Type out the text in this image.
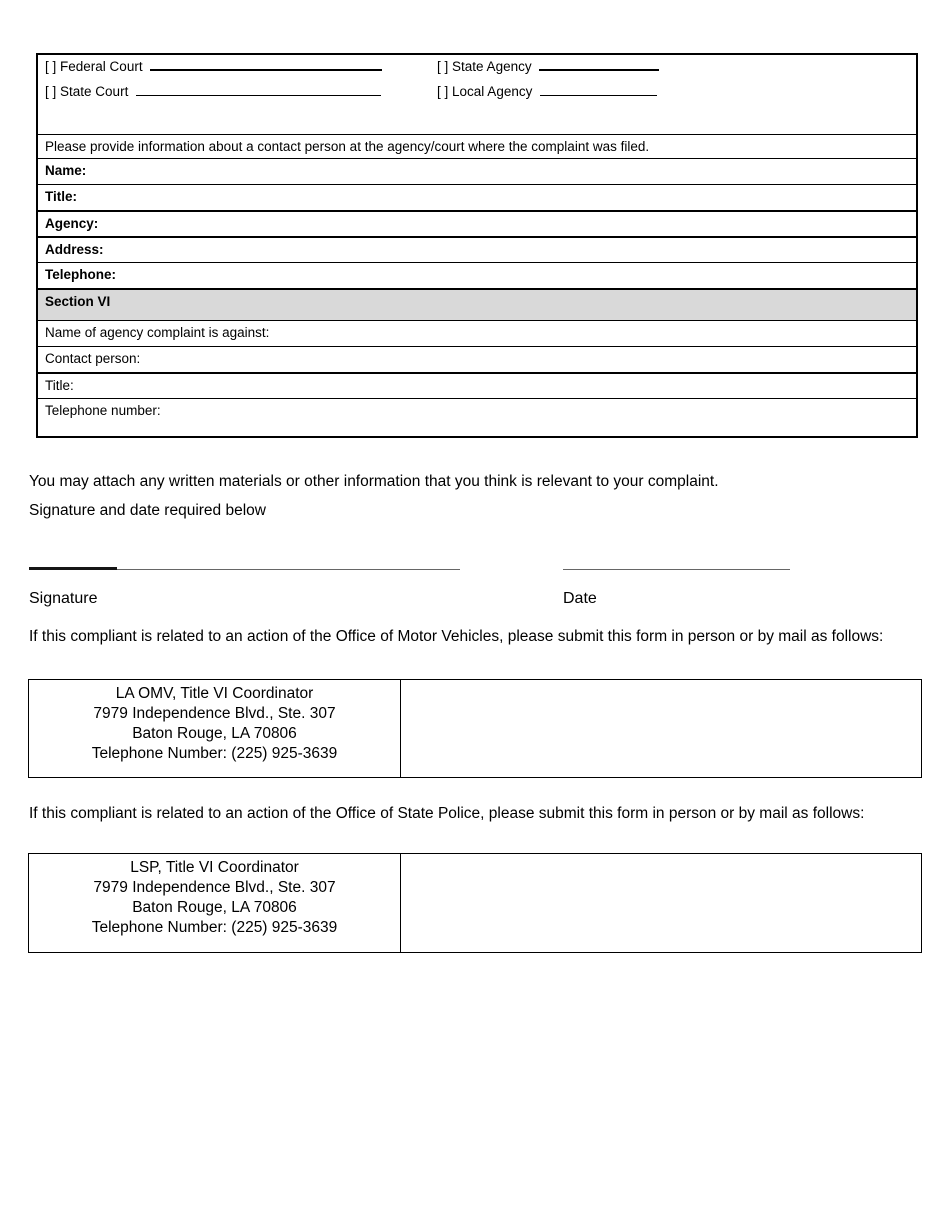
[ ] Federal Court
[ ] State Court
[ ] State Agency
[ ] Local Agency
Please provide information about a contact person at the agency/court where the complaint was filed.
Name:
Title:
Agency:
Address:
Telephone:
Section VI
Name of agency complaint is against:
Contact person:
Title:
Telephone number:
You may attach any written materials or other information that you think is relevant to your complaint.
Signature and date required below
Signature	Date
If this compliant is related to an action of the Office of Motor Vehicles, please submit this form in person or by mail as follows:
LA OMV, Title VI Coordinator
7979 Independence Blvd., Ste. 307
Baton Rouge, LA 70806
Telephone Number: (225) 925-3639
If this compliant is related to an action of the Office of State Police, please submit this form in person or by mail as follows:
LSP, Title VI Coordinator
7979 Independence Blvd., Ste. 307
Baton Rouge, LA 70806
Telephone Number: (225) 925-3639
